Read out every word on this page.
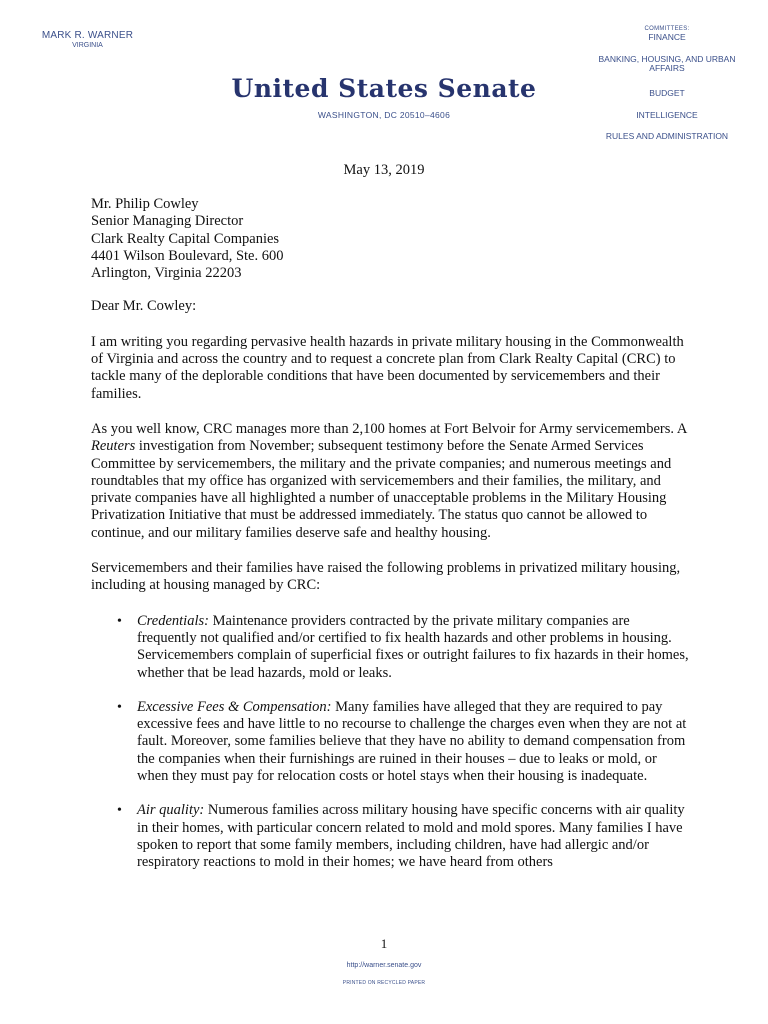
MARK R. WARNER
VIRGINIA
United States Senate
WASHINGTON, DC 20510–4606
COMMITTEES:
FINANCE
BANKING, HOUSING, AND URBAN AFFAIRS
BUDGET
INTELLIGENCE
RULES AND ADMINISTRATION
May 13, 2019
Mr. Philip Cowley
Senior Managing Director
Clark Realty Capital Companies
4401 Wilson Boulevard, Ste. 600
Arlington, Virginia 22203
Dear Mr. Cowley:
I am writing you regarding pervasive health hazards in private military housing in the Commonwealth of Virginia and across the country and to request a concrete plan from Clark Realty Capital (CRC) to tackle many of the deplorable conditions that have been documented by servicemembers and their families.
As you well know, CRC manages more than 2,100 homes at Fort Belvoir for Army servicemembers. A Reuters investigation from November; subsequent testimony before the Senate Armed Services Committee by servicemembers, the military and the private companies; and numerous meetings and roundtables that my office has organized with servicemembers and their families, the military, and private companies have all highlighted a number of unacceptable problems in the Military Housing Privatization Initiative that must be addressed immediately. The status quo cannot be allowed to continue, and our military families deserve safe and healthy housing.
Servicemembers and their families have raised the following problems in privatized military housing, including at housing managed by CRC:
• Credentials: Maintenance providers contracted by the private military companies are frequently not qualified and/or certified to fix health hazards and other problems in housing. Servicemembers complain of superficial fixes or outright failures to fix hazards in their homes, whether that be lead hazards, mold or leaks.
• Excessive Fees & Compensation: Many families have alleged that they are required to pay excessive fees and have little to no recourse to challenge the charges even when they are not at fault. Moreover, some families believe that they have no ability to demand compensation from the companies when their furnishings are ruined in their houses – due to leaks or mold, or when they must pay for relocation costs or hotel stays when their housing is inadequate.
• Air quality: Numerous families across military housing have specific concerns with air quality in their homes, with particular concern related to mold and mold spores. Many families I have spoken to report that some family members, including children, have had allergic and/or respiratory reactions to mold in their homes; we have heard from others
1
http://warner.senate.gov
PRINTED ON RECYCLED PAPER
